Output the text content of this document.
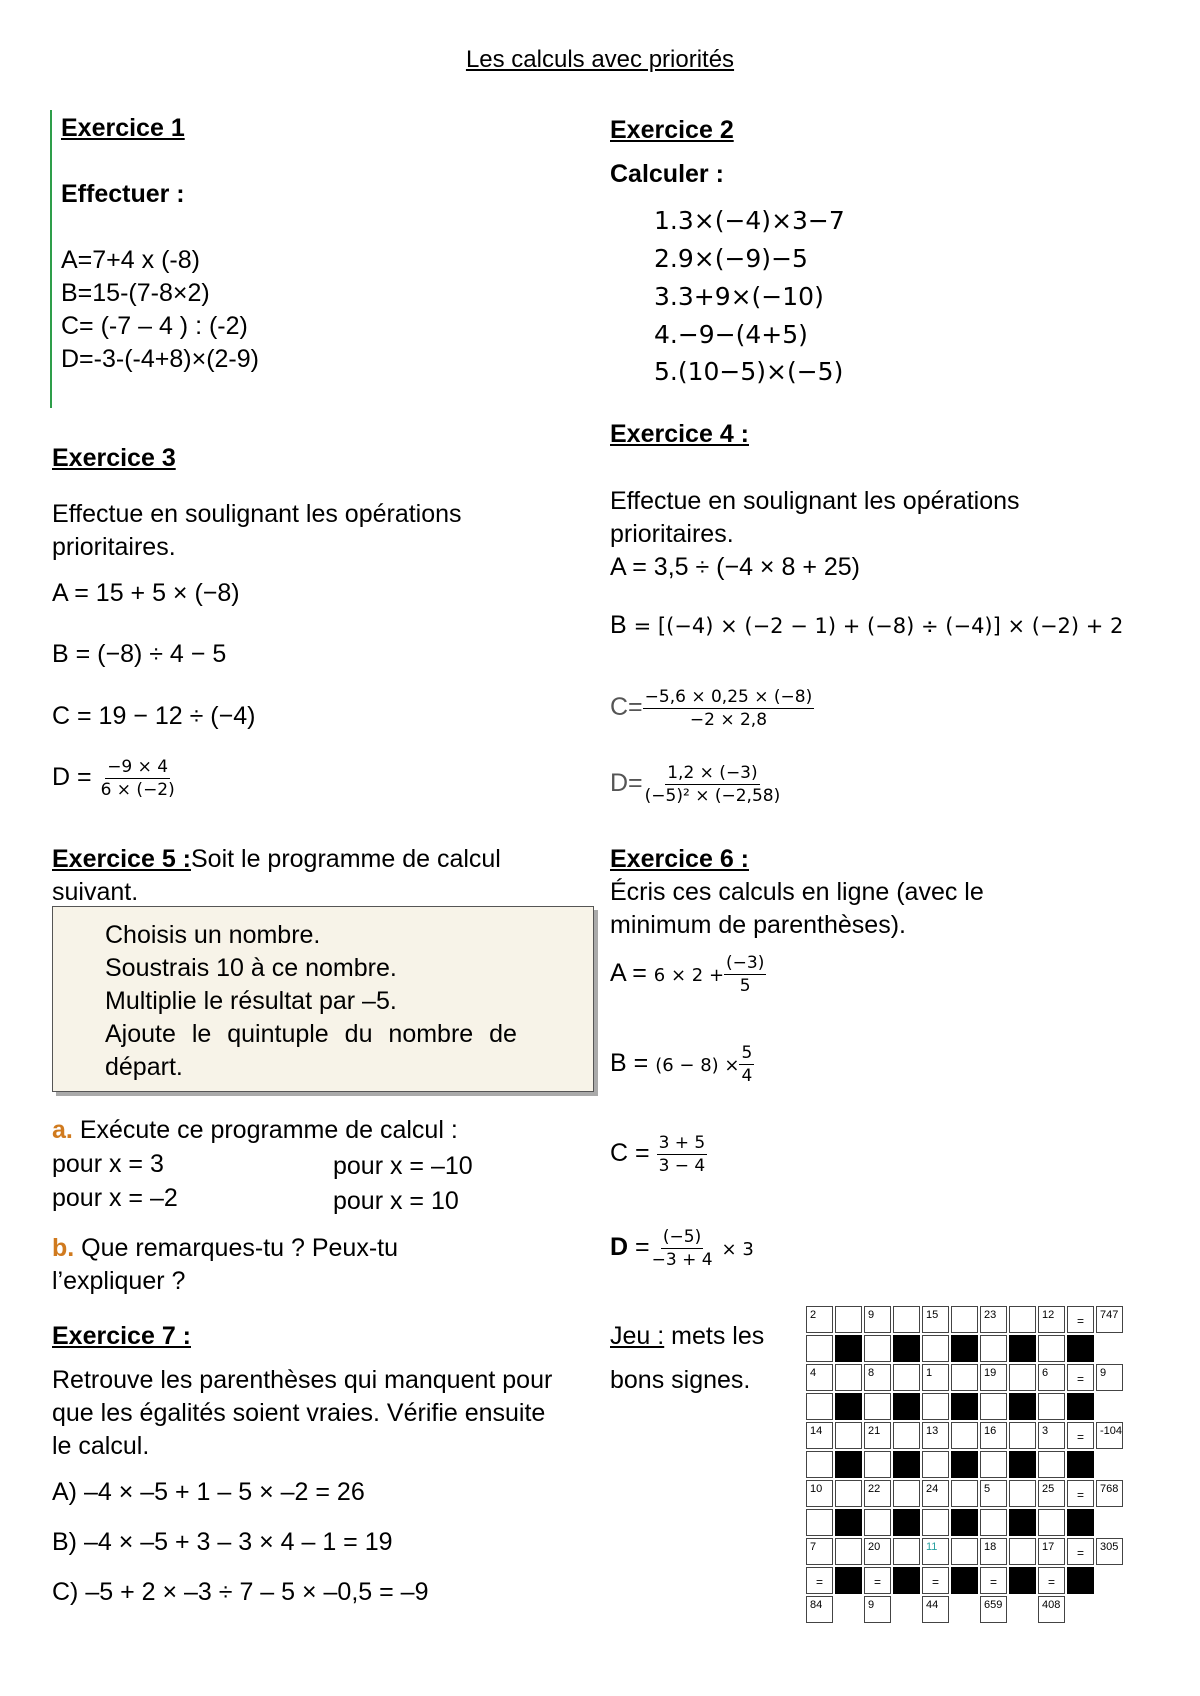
Les calculs avec priorités
Exercice 1
Effectuer :
A=7+4 x (-8)
B=15-(7-8×2)
C= (-7 – 4 ) : (-2)
D=-3-(-4+8)×(2-9)
Exercice 2
Calculer :
1.3×(−4)×3−7
2.9×(−9)−5
3.3+9×(−10)
4.−9−(4+5)
5.(10−5)×(−5)
Exercice 3
Effectue en soulignant les opérations
prioritaires.
A = 15 + 5 × (−8)
B = (−8) ÷ 4 − 5
C = 19 − 12 ÷ (−4)
$D = \frac{-9 \times 4}{6 \times (-2)}$
Exercice 4 :
Effectue en soulignant les opérations
prioritaires.
A = 3,5 ÷ (−4 × 8 + 25)
B = [(−4) × (−2 − 1) + (−8) ÷ (−4)] × (−2) + 2
$C= \frac{-5,6 \times 0,25 \times (-8)}{-2 \times 2,8}$
$D= \frac{1,2 \times (-3)}{\text{(−5)² × (−2,58)}}$
Exercice 5 :Soit le programme de calcul
suivant.
Choisis un nombre.
Soustrais 10 à ce nombre.
Multiplie le résultat par –5.
Ajoute le quintuple du nombre de
départ.
a. Exécute ce programme de calcul :
pour x = 3	pour x = –10
pour x = –2	pour x = 10
b. Que remarques-tu ? Peux-tu
l’expliquer ?
Exercice 6 :
Écris ces calculs en ligne (avec le
minimum de parenthèses).
$A = 6 \times 2 + \frac{(-3)}{5}$
$B = (6 - 8) \times \frac{5}{4}$
$C = \frac{3 + 5}{3 - 4}$
$D = \frac{(-5)}{-3 + 4} \times 3$
Exercice 7 :
Retrouve les parenthèses qui manquent pour
que les égalités soient vraies. Vérifie ensuite
le calcul.
A) –4 × –5 + 1 – 5 × –2 = 26
B) –4 × –5 + 3 – 3 × 4 – 1 = 19
C) –5 + 2 × –3 ÷ 7 – 5 × –0,5 = –9
Jeu : mets les
bons signes.
2	9	15	23	12	=	747
4	8	1	19	6	=	9
14	21	13	16	3	=	-104
10	22	24	5	25	=	768
7	20	11	18	17	=	305
=	=	=	=	=
84	9	44	659	408
